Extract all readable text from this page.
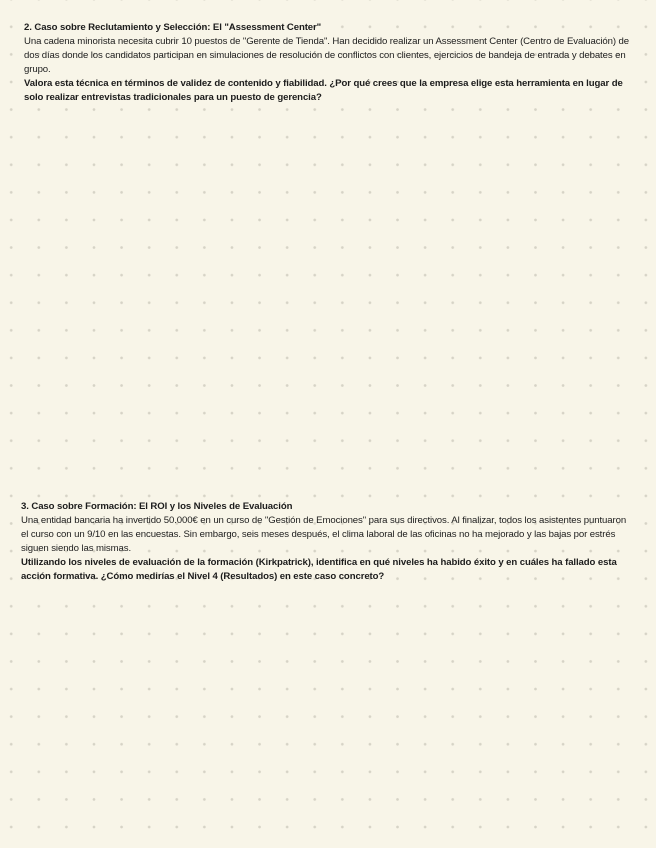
2. Caso sobre Reclutamiento y Selección: El "Assessment Center"

Una cadena minorista necesita cubrir 10 puestos de "Gerente de Tienda". Han decidido realizar un Assessment Center (Centro de Evaluación) de dos días donde los candidatos participan en simulaciones de resolución de conflictos con clientes, ejercicios de bandeja de entrada y debates en grupo.

Valora esta técnica en términos de validez de contenido y fiabilidad. ¿Por qué crees que la empresa elige esta herramienta en lugar de solo realizar entrevistas tradicionales para un puesto de gerencia?

3. Caso sobre Formación: El ROI y los Niveles de Evaluación

Una entidad bancaria ha invertido 50.000€ en un curso de "Gestión de Emociones" para sus directivos. Al finalizar, todos los asistentes puntuaron el curso con un 9/10 en las encuestas. Sin embargo, seis meses después, el clima laboral de las oficinas no ha mejorado y las bajas por estrés siguen siendo las mismas.

Utilizando los niveles de evaluación de la formación (Kirkpatrick), identifica en qué niveles ha habido éxito y en cuáles ha fallado esta acción formativa. ¿Cómo medirías el Nivel 4 (Resultados) en este caso concreto?
